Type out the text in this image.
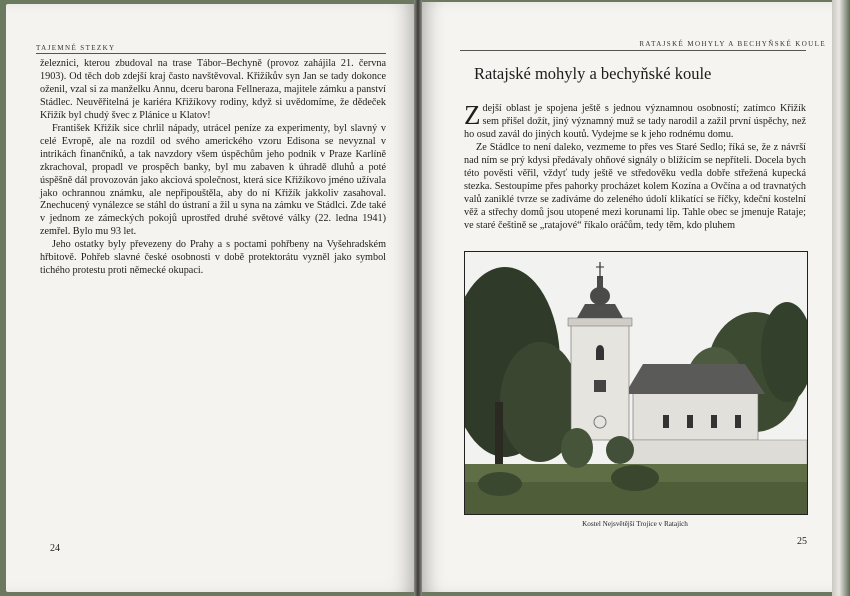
TAJEMNÉ STEZKY

železnici, kterou zbudoval na trase Tábor–Bechyně (provoz zahájila 21. června 1903). Od těch dob zdejší kraj často navštěvoval. Křižíkův syn Jan se tady dokonce oženil, vzal si za manželku Annu, dceru barona Fellneraza, majitele zámku a panství Stádlec. Neuvěřitelná je kariéra Křižíkovy rodiny, když si uvědomíme, že dědeček Křižík byl chudý švec z Plánice u Klatov!

František Křižík sice chrlil nápady, utrácel peníze za experimenty, byl slavný v celé Evropě, ale na rozdíl od svého amerického vzoru Edisona se nevyznal v intrikách finančníků, a tak navzdory všem úspěchům jeho podnik v Praze Karlíně zkrachoval, propadl ve prospěch banky, byl mu zabaven k úhradě dluhů a poté úspěšně dál provozován jako akciová společnost, která sice Křižíkovo jméno užívala jako ochrannou známku, ale nepřipouštěla, aby do ní Křižík jakkoliv zasahoval. Znechucený vynálezce se stáhl do ústraní a žil u syna na zámku ve Stádlci. Zde také v jednom ze zámeckých pokojů uprostřed druhé světové války (22. ledna 1941) zemřel. Bylo mu 93 let.

Jeho ostatky byly převezeny do Prahy a s poctami pohřbeny na Vyšehradském hřbitově. Pohřeb slavné české osobnosti v době protektorátu vyzněl jako symbol tichého protestu proti německé okupaci.

24
RATAJSKÉ MOHYLY A BECHYŇSKÉ KOULE
Ratajské mohyly a bechyňské koule

Zdejší oblast je spojena ještě s jednou významnou osobností; zatímco Křižík sem přišel dožít, jiný významný muž se tady narodil a zažil první úspěchy, než ho osud zavál do jiných koutů. Vydejme se k jeho rodnému domu.

Ze Stádlce to není daleko, vezmeme to přes ves Staré Sedlo; říká se, že z návrší nad ním se prý kdysi předávaly ohňové signály o blížícím se nepříteli. Docela bych této pověsti věřil, vždyť tudy ještě ve středověku vedla dobře střežená kupecká stezka. Sestoupíme přes pahorky procházet kolem Kozína a Ovčína a od travnatých valů zaniklé tvrze se zadíváme do zeleného údolí klikatící se říčky, kdeční kostelní věž a střechy domů jsou utopené mezi korunami lip. Tahle obec se jmenuje Rataje; ve staré češtině se „ratajové“ říkalo oráčům, tedy těm, kdo pluhem

Kostel Nejsvětější Trojice v Ratajích
25
